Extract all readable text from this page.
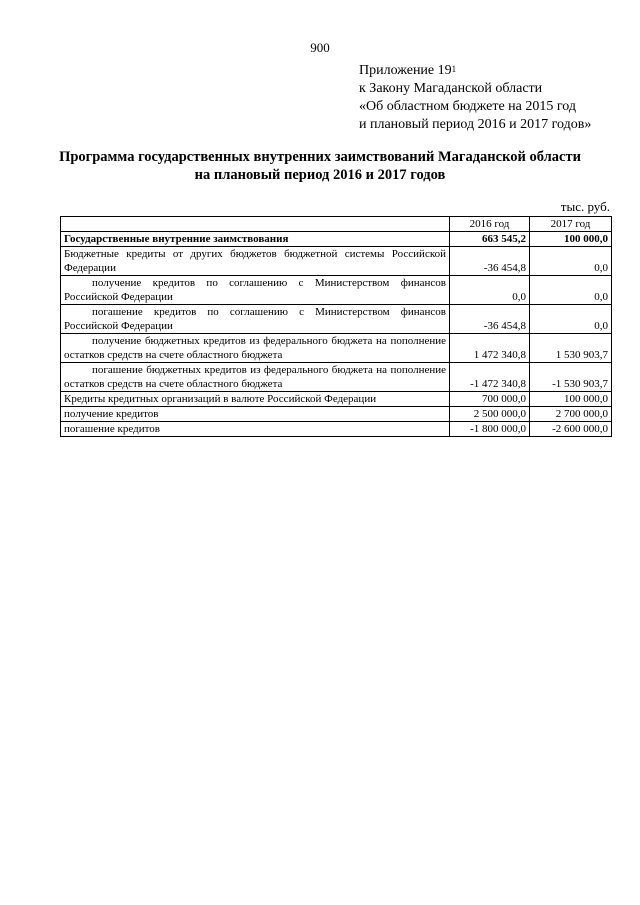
900
Приложение $19^1$
к Закону Магаданской области
«Об областном бюджете на 2015 год
и плановый период 2016 и 2017 годов»
Программа государственных внутренних заимствований Магаданской области
на плановый период 2016 и 2017 годов
тыс. руб.
	2016 год	2017 год
Государственные внутренние заимствования	663 545,2	100 000,0
Бюджетные кредиты от других бюджетов бюджетной системы Российской Федерации	-36 454,8	0,0
получение кредитов по соглашению с Министерством финансов Российской Федерации	0,0	0,0
погашение кредитов по соглашению с Министерством финансов Российской Федерации	-36 454,8	0,0
получение бюджетных кредитов из федерального бюджета на пополнение остатков средств на счете областного бюджета	1 472 340,8	1 530 903,7
погашение бюджетных кредитов из федерального бюджета на пополнение остатков средств на счете областного бюджета	-1 472 340,8	-1 530 903,7
Кредиты кредитных организаций в валюте Российской Федерации	700 000,0	100 000,0
получение кредитов	2 500 000,0	2 700 000,0
погашение кредитов	-1 800 000,0	-2 600 000,0
